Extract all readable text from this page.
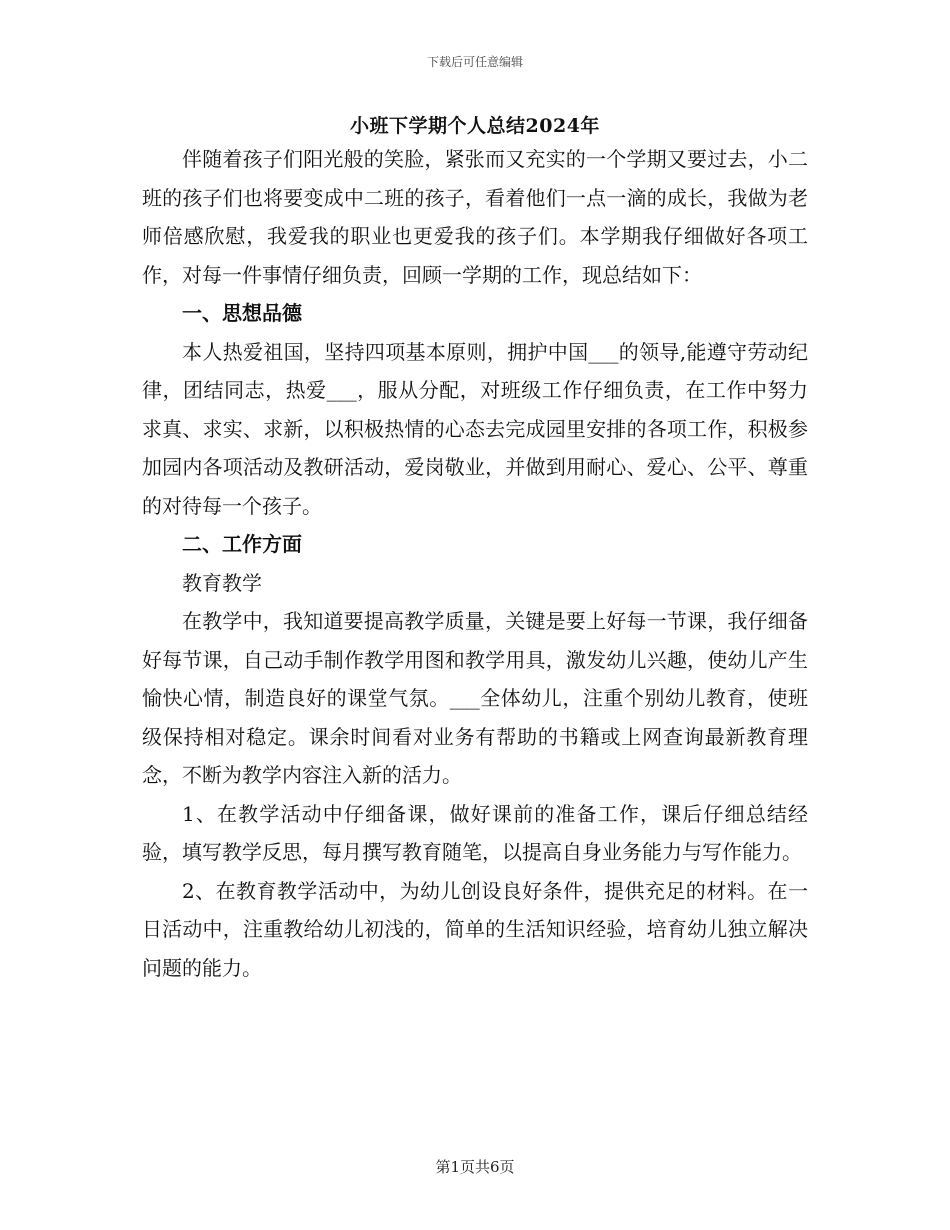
下载后可任意编辑
小班下学期个人总结2024年

伴随着孩子们阳光般的笑脸，紧张而又充实的一个学期又要过去，小二班的孩子们也将要变成中二班的孩子，看着他们一点一滴的成长，我做为老师倍感欣慰，我爱我的职业也更爱我的孩子们。本学期我仔细做好各项工作，对每一件事情仔细负责，回顾一学期的工作，现总结如下：

一、思想品德

本人热爱祖国，坚持四项基本原则，拥护中国___的领导,能遵守劳动纪律，团结同志，热爱___，服从分配，对班级工作仔细负责，在工作中努力求真、求实、求新，以积极热情的心态去完成园里安排的各项工作，积极参加园内各项活动及教研活动，爱岗敬业，并做到用耐心、爱心、公平、尊重的对待每一个孩子。

二、工作方面

教育教学

在教学中，我知道要提高教学质量，关键是要上好每一节课，我仔细备好每节课，自己动手制作教学用图和教学用具，激发幼儿兴趣，使幼儿产生愉快心情，制造良好的课堂气氛。___全体幼儿，注重个别幼儿教育，使班级保持相对稳定。课余时间看对业务有帮助的书籍或上网查询最新教育理念，不断为教学内容注入新的活力。

1、在教学活动中仔细备课，做好课前的准备工作，课后仔细总结经验，填写教学反思，每月撰写教育随笔，以提高自身业务能力与写作能力。

2、在教育教学活动中，为幼儿创设良好条件，提供充足的材料。在一日活动中，注重教给幼儿初浅的，简单的生活知识经验，培育幼儿独立解决问题的能力。

第1页共6页
